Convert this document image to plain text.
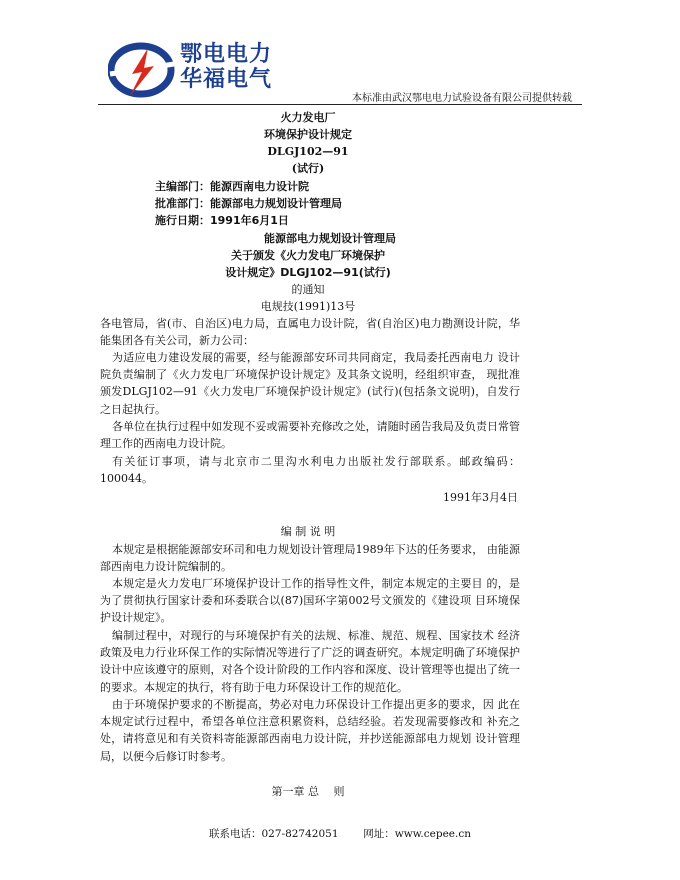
鄂电电力
华福电气
本标准由武汉鄂电电力试验设备有限公司提供转载
火力发电厂
环境保护设计规定
DLGJ102—91
(试行)
主编部门：能源西南电力设计院
批准部门：能源部电力规划设计管理局
施行日期：1991年6月1日
能源部电力规划设计管理局
关于颁发《火力发电厂环境保护
设计规定》DLGJ102—91(试行)
的通知
电规技(1991)13号
各电管局，省(市、自治区)电力局，直属电力设计院，省(自治区)电力勘测设计院，华能集团各有关公司，新力公司：
为适应电力建设发展的需要，经与能源部安环司共同商定，我局委托西南电力 设计院负责编制了《火力发电厂环境保护设计规定》及其条文说明，经组织审查， 现批准颁发DLGJ102—91《火力发电厂环境保护设计规定》(试行)(包括条文说明)，自发行之日起执行。
各单位在执行过程中如发现不妥或需要补充修改之处，请随时函告我局及负责日常管理工作的西南电力设计院。
有关征订事项，请与北京市二里沟水利电力出版社发行部联系。邮政编码：100044。
1991年3月4日
编 制 说 明
本规定是根据能源部安环司和电力规划设计管理局1989年下达的任务要求， 由能源部西南电力设计院编制的。
本规定是火力发电厂环境保护设计工作的指导性文件，制定本规定的主要目 的，是为了贯彻执行国家计委和环委联合以(87)国环字第002号文颁发的《建设项 目环境保护设计规定》。
编制过程中，对现行的与环境保护有关的法规、标准、规范、规程、国家技术 经济政策及电力行业环保工作的实际情况等进行了广泛的调查研究。本规定明确了环境保护设计中应该遵守的原则，对各个设计阶段的工作内容和深度、设计管理等也提出了统一的要求。本规定的执行，将有助于电力环保设计工作的规范化。
由于环境保护要求的不断提高，势必对电力环保设计工作提出更多的要求，因 此在本规定试行过程中，希望各单位注意积累资料，总结经验。若发现需要修改和 补充之处，请将意见和有关资料寄能源部西南电力设计院，并抄送能源部电力规划 设计管理局，以便今后修订时参考。
第一章 总　 则
联系电话：027-82742051 网址：www.cepee.cn
